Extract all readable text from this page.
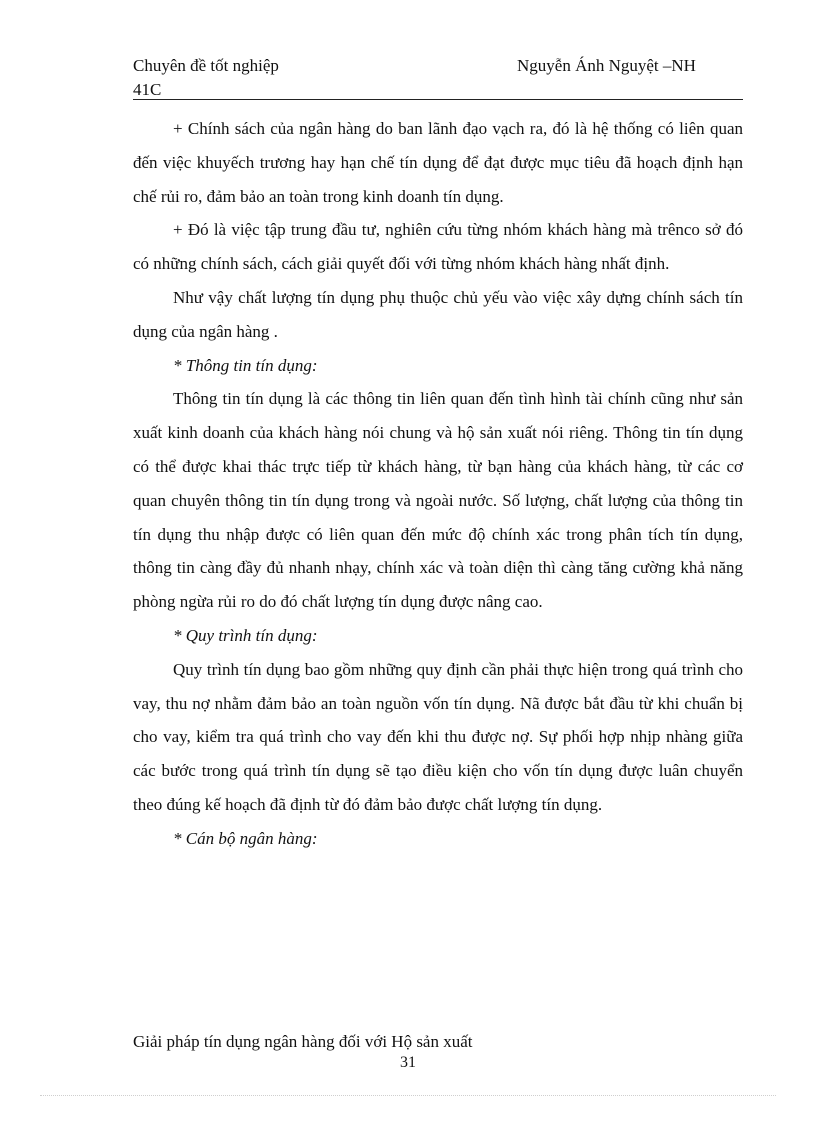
Chuyên đề tốt nghiệp	Nguyễn Ánh Nguyệt –NH
41C

+ Chính sách của ngân hàng do ban lãnh đạo vạch ra, đó là hệ thống có liên quan đến việc khuyếch trương hay hạn chế tín dụng để đạt được mục tiêu đã hoạch định hạn chế rủi ro, đảm bảo an toàn trong kinh doanh tín dụng.

+ Đó là việc tập trung đầu tư, nghiên cứu từng nhóm khách hàng mà trênco sở đó có những chính sách, cách giải quyết đối với từng nhóm khách hàng nhất định.

Như vậy chất lượng tín dụng phụ thuộc chủ yếu vào việc xây dựng chính sách tín dụng của ngân hàng .

* Thông tin tín dụng:

Thông tin tín dụng là các thông tin liên quan đến tình hình tài chính cũng như sản xuất kinh doanh của khách hàng nói chung và hộ sản xuất nói riêng. Thông tin tín dụng có thể được khai thác trực tiếp từ khách hàng, từ bạn hàng của khách hàng, từ các cơ quan chuyên thông tin tín dụng trong và ngoài nước. Số lượng, chất lượng của thông tin tín dụng thu nhập được có liên quan đến mức độ chính xác trong phân tích tín dụng, thông tin càng đầy đủ nhanh nhạy, chính xác và toàn diện thì càng tăng cường khả năng phòng ngừa rủi ro do đó chất lượng tín dụng được nâng cao.

* Quy trình tín dụng:

Quy trình tín dụng bao gồm những quy định cần phải thực hiện trong quá trình cho vay, thu nợ nhằm đảm bảo an toàn nguồn vốn tín dụng. Nã được bắt đầu từ khi chuẩn bị cho vay, kiểm tra quá trình cho vay đến khi thu được nợ. Sự phối hợp nhịp nhàng giữa các bước trong quá trình tín dụng sẽ tạo điều kiện cho vốn tín dụng được luân chuyển theo đúng kế hoạch đã định từ đó đảm bảo được chất lượng tín dụng.

* Cán bộ ngân hàng:

Giải pháp tín dụng ngân hàng đối với Hộ sản xuất
31
